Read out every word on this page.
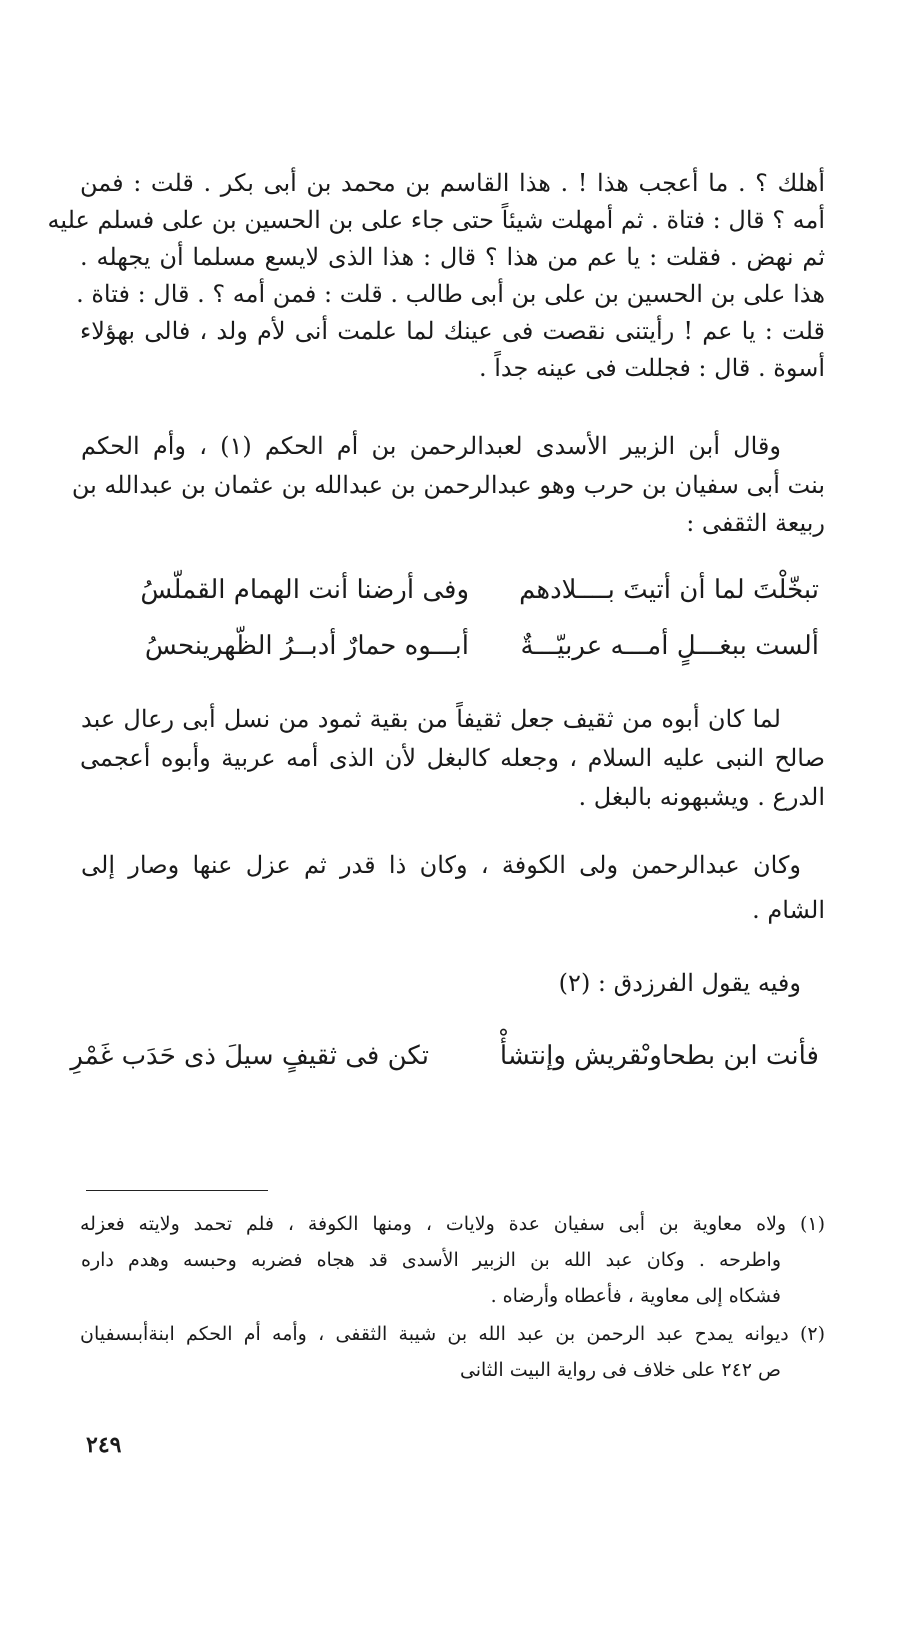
أهلك ؟ . ما أعجب هذا ! . هذا القاسم بن محمد بن أبى بكر . قلت : فمن
أمه ؟ قال : فتاة . ثم أمهلت شيئاً حتى جاء على بن الحسين بن على فسلم عليه
ثم نهض . فقلت : يا عم من هذا ؟ قال : هذا الذى لايسع مسلما أن يجهله .
هذا على بن الحسين بن على بن أبى طالب . قلت : فمن أمه ؟ . قال : فتاة .
قلت : يا عم ! رأيتنى نقصت فى عينك لما علمت أنى لأم ولد ، فالى بهؤلاء
أسوة . قال : فجللت فى عينه جداً .
وقال أبن الزبير الأسدى لعبدالرحمن بن أم الحكم (١) ، وأم الحكم
بنت أبى سفيان بن حرب وهو عبدالرحمن بن عبدالله بن عثمان بن عبدالله بن
ربيعة الثقفى :
تبخّلْتَ لما أن أتيتَ بــــلادهم
وفى أرضنا أنت الهمام القملّسُ
ألست ببغـــلٍ أمـــه عربيّـــةٌ
أبـــوه حمارٌ أدبــرُ الظّهرينحسُ
لما كان أبوه من ثقيف جعل ثقيفاً من بقية ثمود من نسل أبى رعال عبد
صالح النبى عليه السلام ، وجعله كالبغل لأن الذى أمه عربية وأبوه أعجمى
الدرع . ويشبهونه بالبغل .
وكان عبدالرحمن ولى الكوفة ، وكان ذا قدر ثم عزل عنها وصار إلى
الشام .
وفيه يقول الفرزدق : (٢)
فأنت ابن بطحاوىْقريش وإنتشأْ
تكن فى ثقيفٍ سيلَ ذى حَدَب غَمْرِ
(١) ولاه معاوية بن أبى سفيان عدة ولايات ، ومنها الكوفة ، فلم تحمد ولايته فعزله
واطرحه . وكان عبد الله بن الزبير الأسدى قد هجاه فضربه وحبسه وهدم داره
فشكاه إلى معاوية ، فأعطاه وأرضاه .
(٢) ديوانه يمدح عبد الرحمن بن عبد الله بن شيبة الثقفى ، وأمه أم الحكم ابنةأبىسفيان
ص ٢٤٢ على خلاف فى رواية البيت الثانى
٢٤٩
